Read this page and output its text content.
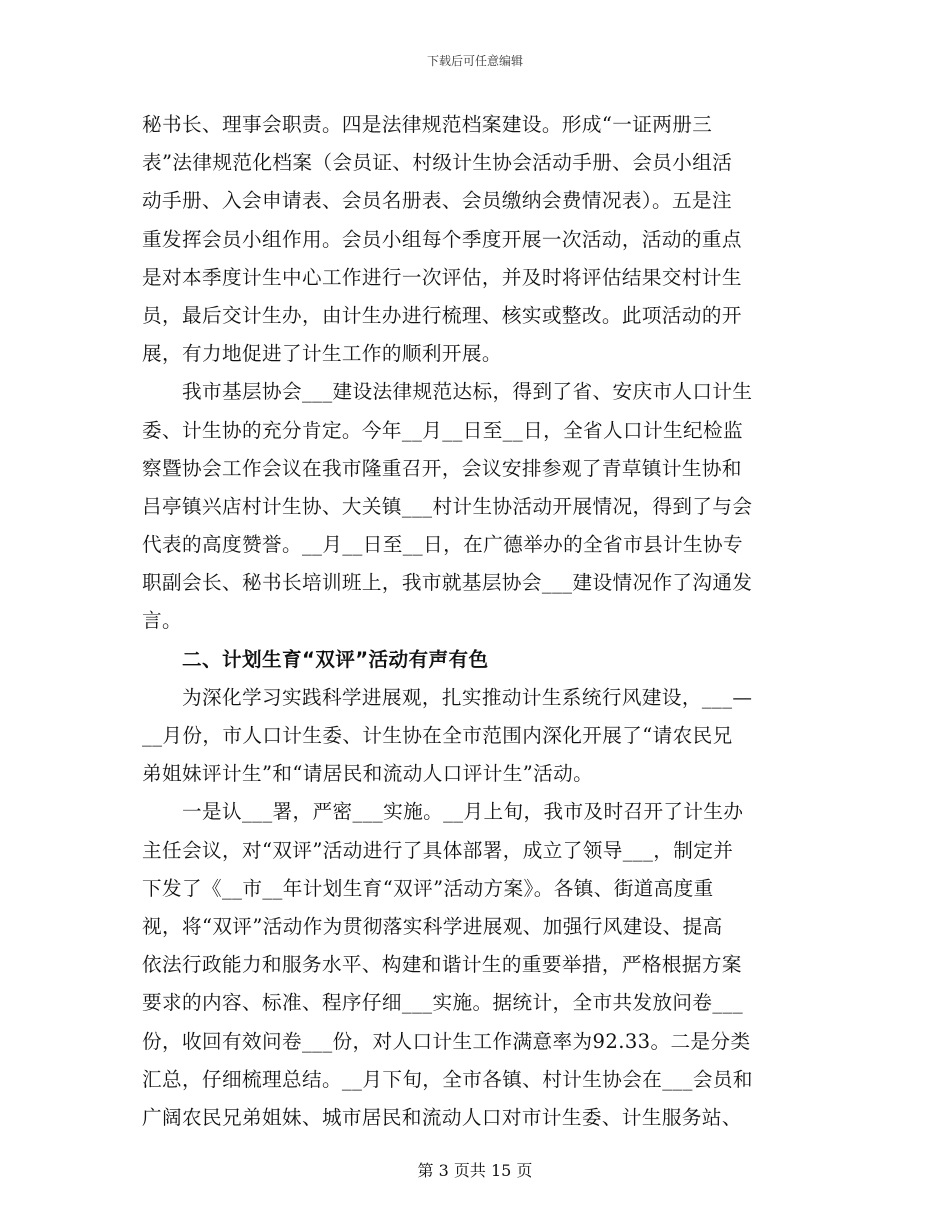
下载后可任意编辑
秘书长、理事会职责。四是法律规范档案建设。形成“一证两册三
表”法律规范化档案（会员证、村级计生协会活动手册、会员小组活
动手册、入会申请表、会员名册表、会员缴纳会费情况表）。五是注
重发挥会员小组作用。会员小组每个季度开展一次活动，活动的重点
是对本季度计生中心工作进行一次评估，并及时将评估结果交村计生
员，最后交计生办，由计生办进行梳理、核实或整改。此项活动的开
展，有力地促进了计生工作的顺利开展。
　　我市基层协会___建设法律规范达标，得到了省、安庆市人口计生
委、计生协的充分肯定。今年__月__日至__日，全省人口计生纪检监
察暨协会工作会议在我市隆重召开，会议安排参观了青草镇计生协和
吕亭镇兴店村计生协、大关镇___村计生协活动开展情况，得到了与会
代表的高度赞誉。__月__日至__日，在广德举办的全省市县计生协专
职副会长、秘书长培训班上，我市就基层协会___建设情况作了沟通发
言。
　　二、计划生育“双评”活动有声有色
　　为深化学习实践科学进展观，扎实推动计生系统行风建设，___—
__月份，市人口计生委、计生协在全市范围内深化开展了“请农民兄
弟姐妹评计生”和“请居民和流动人口评计生”活动。
　　一是认___署，严密___实施。__月上旬，我市及时召开了计生办
主任会议，对“双评”活动进行了具体部署，成立了领导___，制定并
下发了《__市__年计划生育“双评”活动方案》。各镇、街道高度重
视，将“双评”活动作为贯彻落实科学进展观、加强行风建设、提高
依法行政能力和服务水平、构建和谐计生的重要举措，严格根据方案
要求的内容、标准、程序仔细___实施。据统计，全市共发放问卷___
份，收回有效问卷___份，对人口计生工作满意率为92.33。二是分类
汇总，仔细梳理总结。__月下旬，全市各镇、村计生协会在___会员和
广阔农民兄弟姐妹、城市居民和流动人口对市计生委、计生服务站、
第 3 页共 15 页
